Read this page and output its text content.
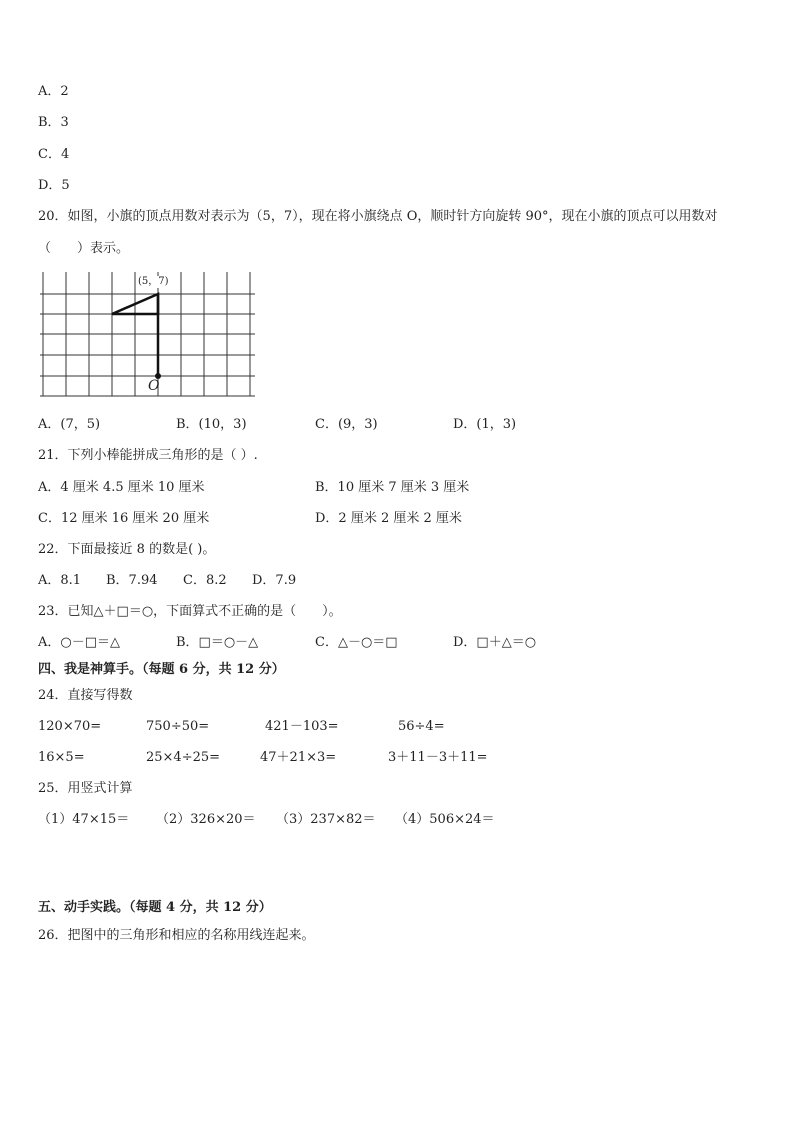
A．2
B．3
C．4
D．5
20．如图，小旗的顶点用数对表示为（5，7），现在将小旗绕点 O，顺时针方向旋转 90°，现在小旗的顶点可以用数对
（　　）表示。
(5，7)
O
A．(7，5)	B．(10，3)	C．(9，3)	D．(1，3)
21．下列小棒能拼成三角形的是（ ）.
A．4 厘米 4.5 厘米 10 厘米	B．10 厘米 7 厘米 3 厘米
C．12 厘米 16 厘米 20 厘米	D．2 厘米 2 厘米 2 厘米
22．下面最接近 8 的数是( )。
A．8.1 B．7.94 C．8.2 D．7.9
23．已知△＋□＝○，下面算式不正确的是（　　）。
A．○－□＝△	B．□＝○－△	C．△－○＝□	D．□＋△＝○
四、我是神算手。（每题 6 分，共 12 分）
24．直接写得数
120×70=	750÷50=	421－103=	56÷4=
16×5=	25×4÷25=	47＋21×3=	3＋11－3＋11=
25．用竖式计算
（1）47×15＝ （2）326×20＝ （3）237×82＝ （4）506×24＝
五、动手实践。（每题 4 分，共 12 分）
26．把图中的三角形和相应的名称用线连起来。
